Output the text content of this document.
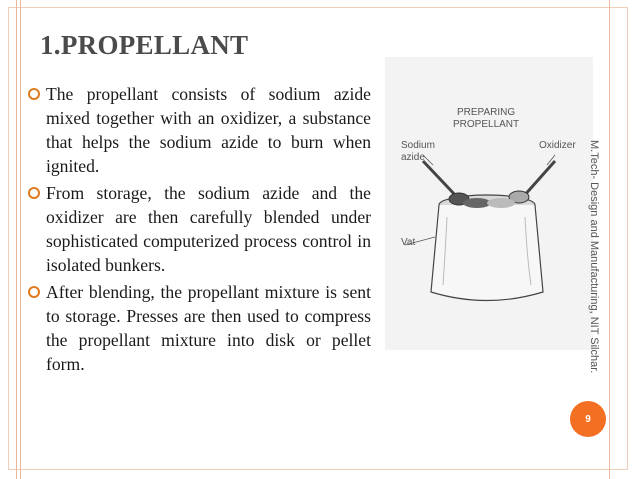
1.PROPELLANT
The propellant consists of sodium azide mixed together with an oxidizer, a substance that helps the sodium azide to burn when ignited.
From storage, the sodium azide and the oxidizer are then carefully blended under sophisticated computerized process control in isolated bunkers.
After blending, the propellant mixture is sent to storage. Presses are then used to compress the propellant mixture into disk or pellet form.
PREPARING
PROPELLANT
Sodium
azide
Oxidizer
Vat	M.Tech- Design and Manufacturing, NIT Silchar.
9
